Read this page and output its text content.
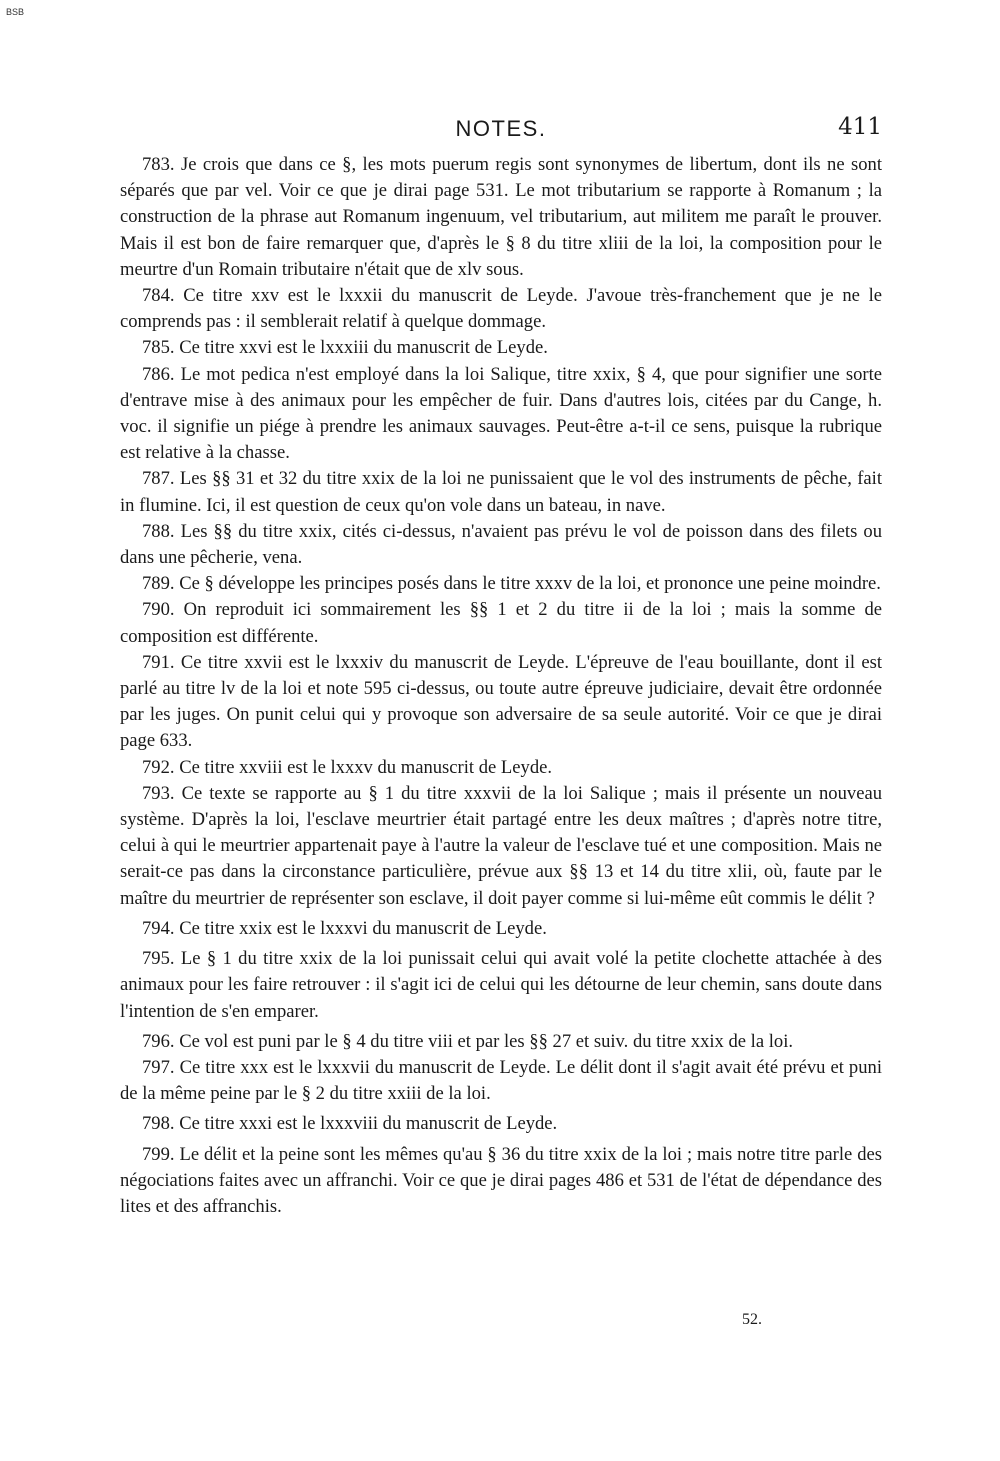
BSB
NOTES.	411

783. Je crois que dans ce §, les mots puerum regis sont synonymes de libertum, dont ils ne sont séparés que par vel. Voir ce que je dirai page 531. Le mot tributarium se rapporte à Romanum ; la construction de la phrase aut Romanum ingenuum, vel tributarium, aut militem me paraît le prouver. Mais il est bon de faire remarquer que, d'après le § 8 du titre xliii de la loi, la composition pour le meurtre d'un Romain tributaire n'était que de xlv sous.

784. Ce titre xxv est le lxxxii du manuscrit de Leyde. J'avoue très-franchement que je ne le comprends pas : il semblerait relatif à quelque dommage.

785. Ce titre xxvi est le lxxxiii du manuscrit de Leyde.

786. Le mot pedica n'est employé dans la loi Salique, titre xxix, § 4, que pour signifier une sorte d'entrave mise à des animaux pour les empêcher de fuir. Dans d'autres lois, citées par du Cange, h. voc. il signifie un piége à prendre les animaux sauvages. Peut-être a-t-il ce sens, puisque la rubrique est relative à la chasse.

787. Les §§ 31 et 32 du titre xxix de la loi ne punissaient que le vol des instruments de pêche, fait in flumine. Ici, il est question de ceux qu'on vole dans un bateau, in nave.

788. Les §§ du titre xxix, cités ci-dessus, n'avaient pas prévu le vol de poisson dans des filets ou dans une pêcherie, vena.

789. Ce § développe les principes posés dans le titre xxxv de la loi, et prononce une peine moindre.

790. On reproduit ici sommairement les §§ 1 et 2 du titre ii de la loi ; mais la somme de composition est différente.

791. Ce titre xxvii est le lxxxiv du manuscrit de Leyde. L'épreuve de l'eau bouillante, dont il est parlé au titre lv de la loi et note 595 ci-dessus, ou toute autre épreuve judiciaire, devait être ordonnée par les juges. On punit celui qui y provoque son adversaire de sa seule autorité. Voir ce que je dirai page 633.

792. Ce titre xxviii est le lxxxv du manuscrit de Leyde.

793. Ce texte se rapporte au § 1 du titre xxxvii de la loi Salique ; mais il présente un nouveau système. D'après la loi, l'esclave meurtrier était partagé entre les deux maîtres ; d'après notre titre, celui à qui le meurtrier appartenait paye à l'autre la valeur de l'esclave tué et une composition. Mais ne serait-ce pas dans la circonstance particulière, prévue aux §§ 13 et 14 du titre xlii, où, faute par le maître du meurtrier de représenter son esclave, il doit payer comme si lui-même eût commis le délit ?

794. Ce titre xxix est le lxxxvi du manuscrit de Leyde.

795. Le § 1 du titre xxix de la loi punissait celui qui avait volé la petite clochette attachée à des animaux pour les faire retrouver : il s'agit ici de celui qui les détourne de leur chemin, sans doute dans l'intention de s'en emparer.

796. Ce vol est puni par le § 4 du titre viii et par les §§ 27 et suiv. du titre xxix de la loi.

797. Ce titre xxx est le lxxxvii du manuscrit de Leyde. Le délit dont il s'agit avait été prévu et puni de la même peine par le § 2 du titre xxiii de la loi.

798. Ce titre xxxi est le lxxxviii du manuscrit de Leyde.

799. Le délit et la peine sont les mêmes qu'au § 36 du titre xxix de la loi ; mais notre titre parle des négociations faites avec un affranchi. Voir ce que je dirai pages 486 et 531 de l'état de dépendance des lites et des affranchis.

52.
